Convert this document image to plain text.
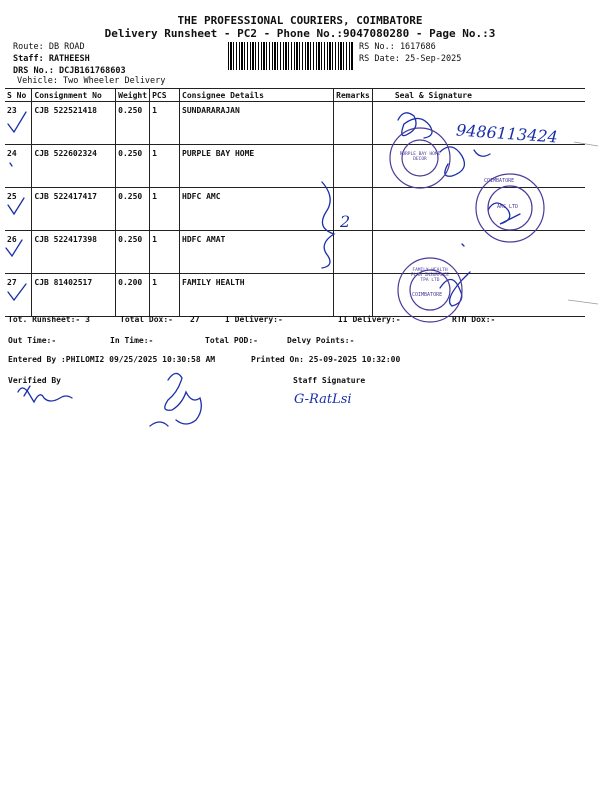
THE PROFESSIONAL COURIERS, COIMBATORE
Delivery Runsheet - PC2 - Phone No.:9047080280 - Page No.:3
Route: DB ROAD
Staff: RATHEESH
DRS No.: DCJB161768603
Vehicle: Two Wheeler Delivery
RS No.: 1617686
RS Date: 25-Sep-2025
S No	Consignment No	Weight	PCS	Consignee Details	Remarks	Seal & Signature
23	CJB 522521418	0.250	1	SUNDARARAJAN		
24	CJB 522602324	0.250	1	PURPLE BAY HOME		
25	CJB 522417417	0.250	1	HDFC AMC		
26	CJB 522417398	0.250	1	HDFC AMAT		
27	CJB 81402517	0.200	1	FAMILY HEALTH		
Tot. Runsheet:- 3	Total Dox:- 27	I Delivery:-	II Delivery:-	RTN Dox:-
Out Time:-	In Time:-	Total POD:-	Delvy Points:-
Entered By :PHILOMI2 09/25/2025 10:30:58 AM	Printed On: 25-09-2025 10:32:00
Verified By	Staff Signature
9486113424
2
G-RatLsi
PURPLE BAY HOME DECOR
COIMBATORE
AMC LTD
FAMILY HEALTH PLAN INSURANCE TPA LTD
COIMBATORE
